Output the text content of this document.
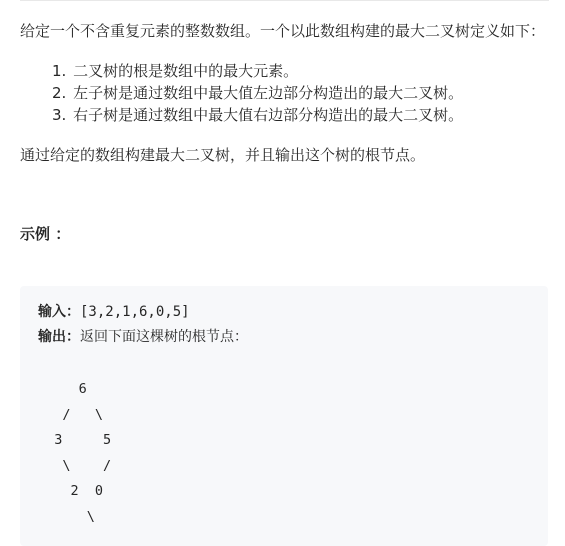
给定一个不含重复元素的整数数组。一个以此数组构建的最大二叉树定义如下：

1. 二叉树的根是数组中的最大元素。
2. 左子树是通过数组中最大值左边部分构造出的最大二叉树。
3. 右子树是通过数组中最大值右边部分构造出的最大二叉树。

通过给定的数组构建最大二叉树，并且输出这个树的根节点。

示例 ：

输入：[3,2,1,6,0,5]
输出：返回下面这棵树的根节点：
6
/   \
3     5
\    /
2  0
\
